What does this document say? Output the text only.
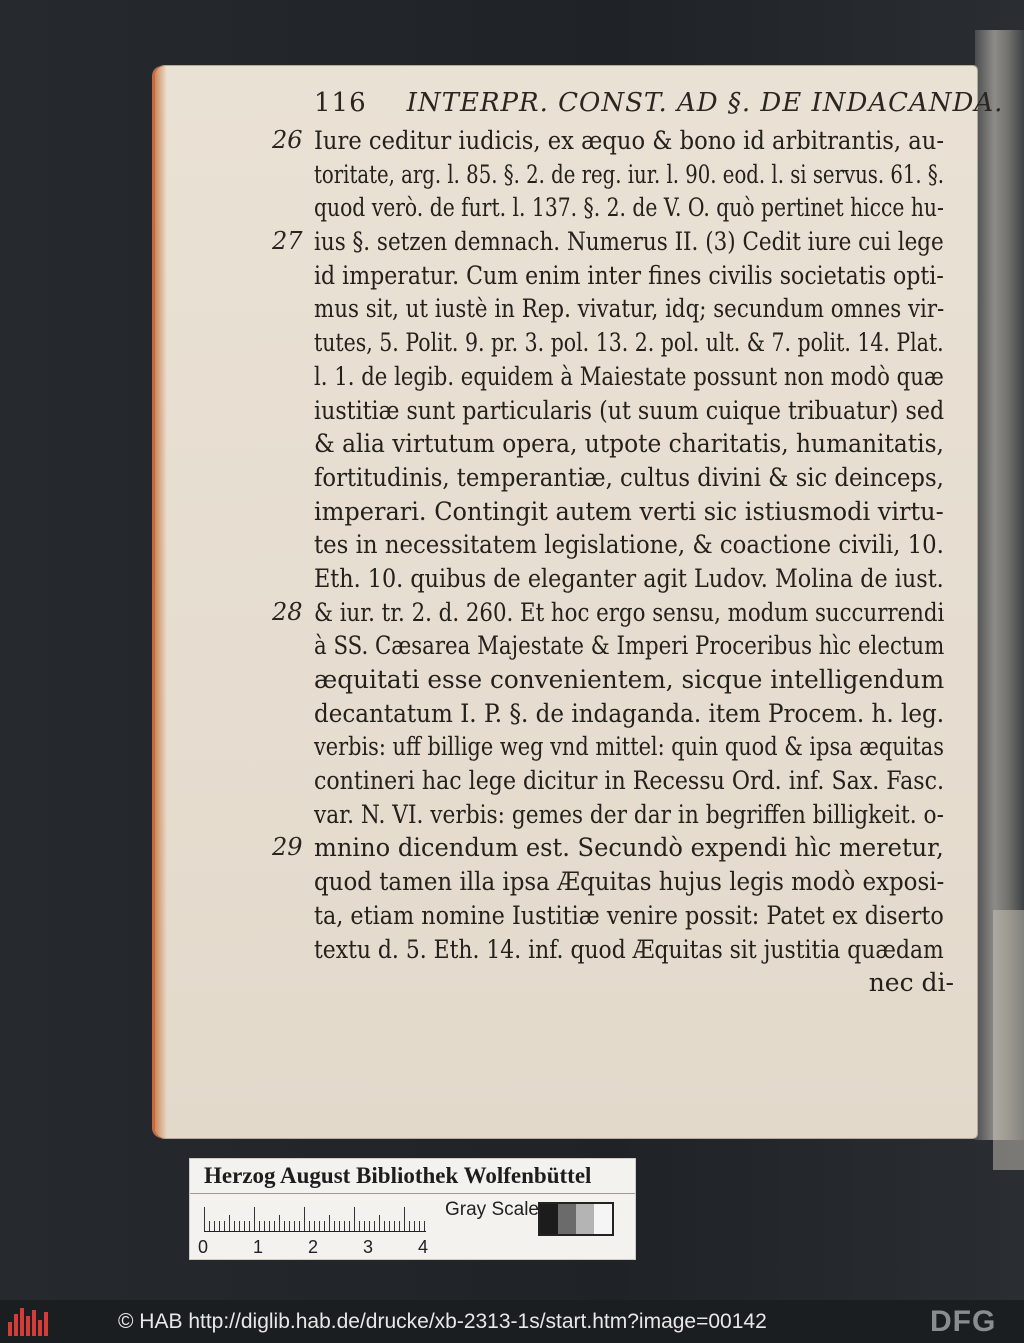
116 INTERPR. CONST. AD §. DE INDACANDA.
26 Iure ceditur iudicis, ex æquo & bono id arbitrantis, au-
toritate, arg. l. 85. §. 2. de reg. iur. l. 90. eod. l. si servus. 61. §.
quod verò. de furt. l. 137. §. 2. de V. O. quò pertinet hicce hu-
27 ius §. setzen demnach. Numerus II. (3) Cedit iure cui lege
id imperatur. Cum enim inter fines civilis societatis opti-
mus sit, ut iustè in Rep. vivatur, idq; secundum omnes vir-
tutes, 5. Polit. 9. pr. 3. pol. 13. 2. pol. ult. & 7. polit. 14. Plat.
l. 1. de legib. equidem à Maiestate possunt non modò quæ
iustitiæ sunt particularis (ut suum cuique tribuatur) sed
& alia virtutum opera, utpote charitatis, humanitatis,
fortitudinis, temperantiæ, cultus divini & sic deinceps,
imperari. Contingit autem verti sic istiusmodi virtu-
tes in necessitatem legislatione, & coactione civili, 10.
Eth. 10. quibus de eleganter agit Ludov. Molina de iust.
28 & iur. tr. 2. d. 260. Et hoc ergo sensu, modum succurrendi
à SS. Cæsarea Majestate & Imperi Proceribus hìc electum
æquitati esse convenientem, sicque intelligendum
decantatum I. P. §. de indaganda. item Procem. h. leg.
verbis: uff billige weg vnd mittel: quin quod & ipsa æquitas
contineri hac lege dicitur in Recessu Ord. inf. Sax. Fasc.
var. N. VI. verbis: gemes der dar in begriffen billigkeit. o-
29 mnino dicendum est. Secundò expendi hìc meretur,
quod tamen illa ipsa Æquitas hujus legis modò exposi-
ta, etiam nomine Iustitiæ venire possit: Patet ex diserto
textu d. 5. Eth. 14. inf. quod Æquitas sit justitia quædam
nec di-
Herzog August Bibliothek Wolfenbüttel
0 1 2 3 4
Gray Scale
© HAB http://diglib.hab.de/drucke/xb-2313-1s/start.htm?image=00142	DFG
